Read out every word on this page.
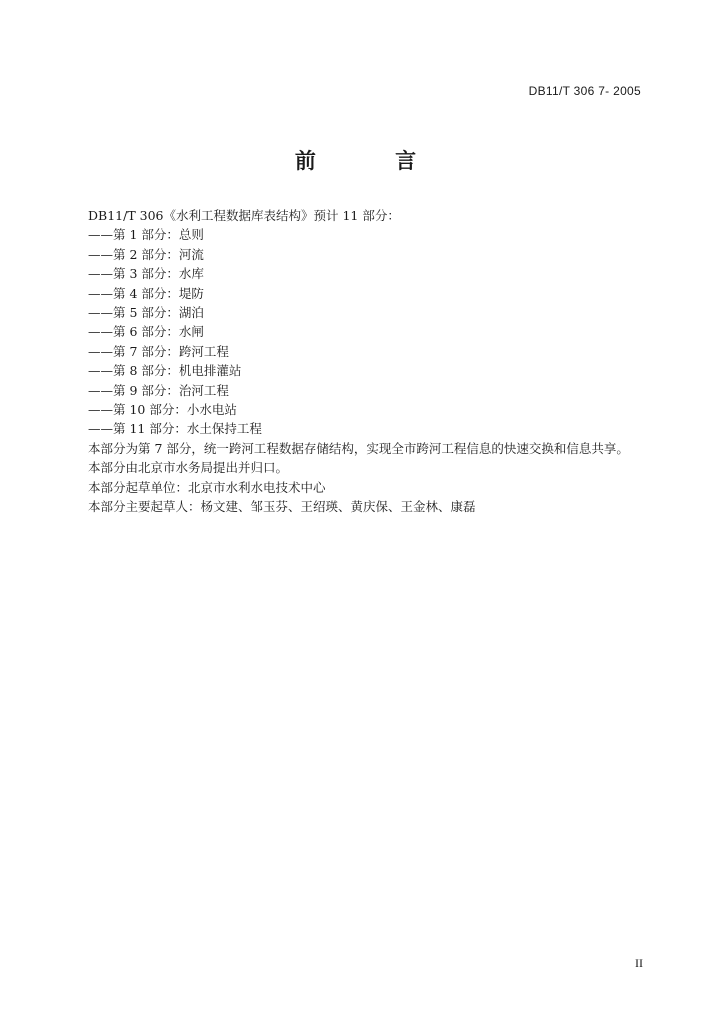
DB11/T 306 7- 2005
前 言
DB11/T 306《水利工程数据库表结构》预计 11 部分：
——第 1 部分：总则
——第 2 部分：河流
——第 3 部分：水库
——第 4 部分：堤防
——第 5 部分：湖泊
——第 6 部分：水闸
——第 7 部分：跨河工程
——第 8 部分：机电排灌站
——第 9 部分：治河工程
——第 10 部分：小水电站
——第 11 部分：水土保持工程
本部分为第 7 部分，统一跨河工程数据存储结构，实现全市跨河工程信息的快速交换和信息共享。
本部分由北京市水务局提出并归口。
本部分起草单位：北京市水利水电技术中心
本部分主要起草人：杨文建、邹玉芬、王绍瑛、黄庆保、王金林、康磊
II
